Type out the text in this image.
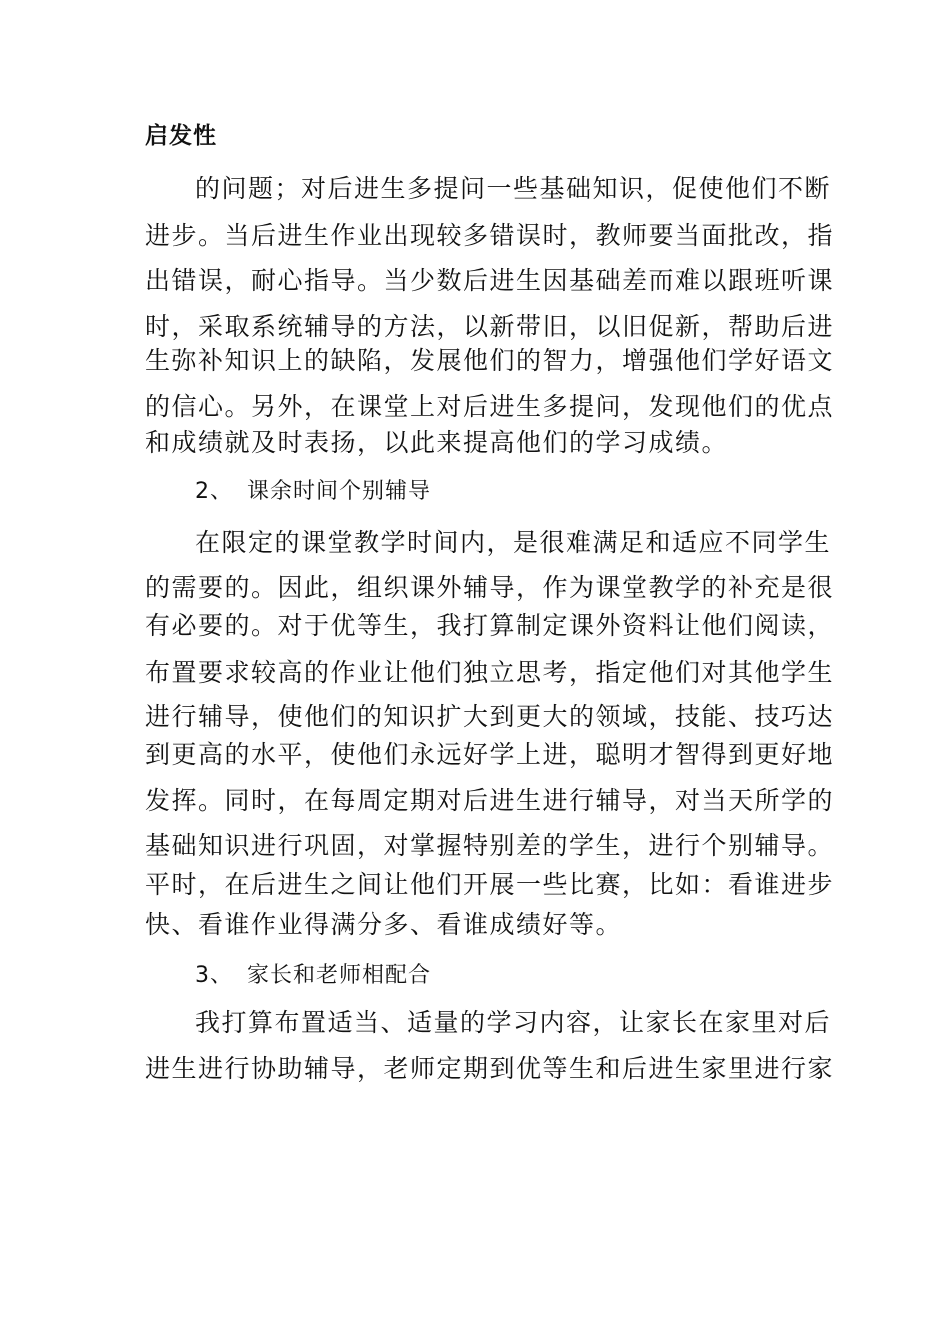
启发性
的问题；对后进生多提问一些基础知识，促使他们不断
进步。当后进生作业出现较多错误时，教师要当面批改，指
出错误，耐心指导。当少数后进生因基础差而难以跟班听课
时，采取系统辅导的方法，以新带旧，以旧促新，帮助后进
生弥补知识上的缺陷，发展他们的智力，增强他们学好语文
的信心。另外，在课堂上对后进生多提问，发现他们的优点
和成绩就及时表扬，以此来提高他们的学习成绩。
2、 课余时间个别辅导
在限定的课堂教学时间内，是很难满足和适应不同学生
的需要的。因此，组织课外辅导，作为课堂教学的补充是很
有必要的。对于优等生，我打算制定课外资料让他们阅读，
布置要求较高的作业让他们独立思考，指定他们对其他学生
进行辅导，使他们的知识扩大到更大的领域，技能、技巧达
到更高的水平，使他们永远好学上进，聪明才智得到更好地
发挥。同时，在每周定期对后进生进行辅导，对当天所学的
基础知识进行巩固，对掌握特别差的学生，进行个别辅导。
平时，在后进生之间让他们开展一些比赛，比如：看谁进步
快、看谁作业得满分多、看谁成绩好等。
3、 家长和老师相配合
我打算布置适当、适量的学习内容，让家长在家里对后
进生进行协助辅导，老师定期到优等生和后进生家里进行家
